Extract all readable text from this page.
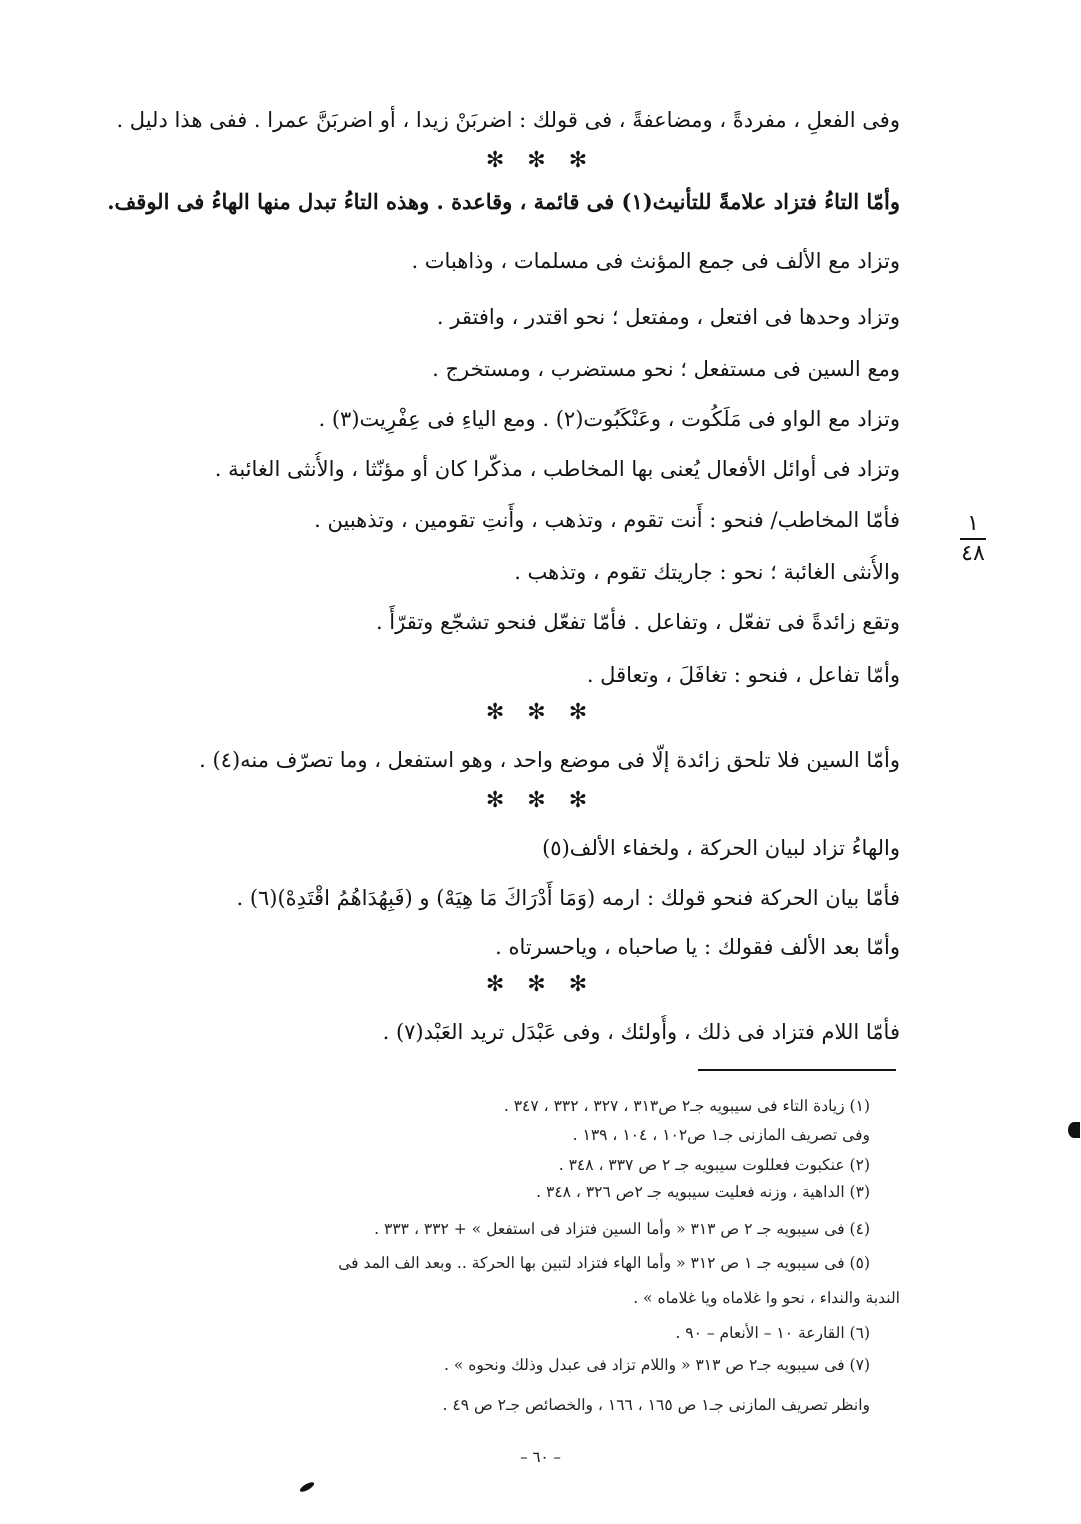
وفى الفعلِ ، مفردةً ، ومضاعفةً ، فى قولك : اضربَنْ زيدا ، أو اضربَنَّ عمرا . ففى هذا دليل .
✻ ✻ ✻
وأمّا التاءُ فتزاد علامةً للتأنيث(١) فى قائمة ، وقاعدة . وهذه التاءُ تبدل منها الهاءُ فى الوقف.
وتزاد مع الألف فى جمع المؤنث فى مسلمات ، وذاهبات .
وتزاد وحدها فى افتعل ، ومفتعل ؛ نحو اقتدر ، وافتقر .
ومع السين فى مستفعل ؛ نحو مستضرب ، ومستخرج .
وتزاد مع الواو فى مَلَكُوت ، وعَنْكَبُوت(٢) . ومع الياءِ فى عِفْرِيت(٣) .
وتزاد فى أوائل الأفعال يُعنى بها المخاطب ، مذكّرا كان أو مؤنّثا ، والأُنثى الغائبة .
فأمّا المخاطب/ فنحو : أَنت تقوم ، وتذهب ، وأَنتِ تقومين ، وتذهبين .
والأُنثى الغائبة ؛ نحو : جاريتك تقوم ، وتذهب .
وتقع زائدةً فى تفعّل ، وتفاعل . فأمّا تفعّل فنحو تشجّع وتقرّأَ .
وأمّا تفاعل ، فنحو : تغافَلَ ، وتعاقل .
✻ ✻ ✻
وأمّا السين فلا تلحق زائدة إلّا فى موضع واحد ، وهو استفعل ، وما تصرّف منه(٤) .
✻ ✻ ✻
والهاءُ تزاد لبيان الحركة ، ولخفاء الألف(٥)
فأمّا بيان الحركة فنحو قولك : ارمه (وَمَا أَدْرَاكَ مَا هِيَهْ) و (فَبِهُدَاهُمُ اقْتَدِهْ)(٦) .
وأمّا بعد الألف فقولك : يا صاحباه ، وياحسرتاه .
✻ ✻ ✻
فأمّا اللام فتزاد فى ذلك ، وأُولئك ، وفى عَبْدَل تريد العَبْد(٧) .
١
٤٨
(١) زيادة التاء فى سيبويه جـ٢ ص٣١٣ ، ٣٢٧ ، ٣٣٢ ، ٣٤٧ .
وفى تصريف المازنى جـ١ ص١٠٢ ، ١٠٤ ، ١٣٩ .
(٢) عنكبوت فعللوت سيبويه جـ ٢ ص ٣٣٧ ، ٣٤٨ .
(٣) الداهية ، وزنه فعليت سيبويه جـ ٢ص ٣٢٦ ، ٣٤٨ .
(٤) فى سيبويه جـ ٢ ص ٣١٣ « وأما السين فتزاد فى استفعل » + ٣٣٢ ، ٣٣٣ .
(٥) فى سيبويه جـ ١ ص ٣١٢ « وأما الهاء فتزاد لتبين بها الحركة .. وبعد الف المد فى
الندبة والنداء ، نحو وا غلاماه ويا غلاماه » .
(٦) القارعة ١٠ – الأنعام – ٩٠ .
(٧) فى سيبويه جـ٢ ص ٣١٣ « واللام تزاد فى عبدل وذلك ونحوه » .
وانظر تصريف المازنى جـ١ ص ١٦٥ ، ١٦٦ ، والخصائص جـ٢ ص ٤٩ .
– ٦٠ –
